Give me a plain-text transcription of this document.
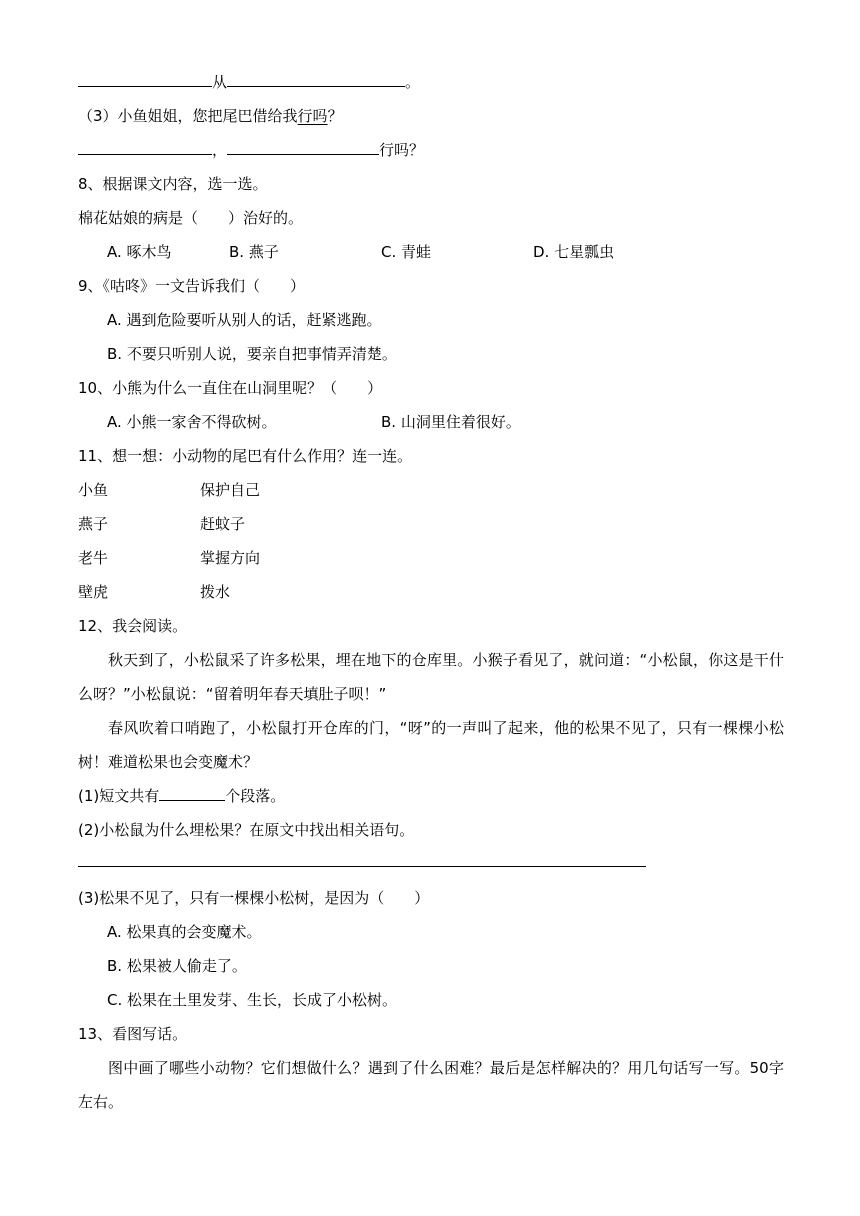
从	。
（3）小鱼姐姐，您把尾巴借给我行吗？
，	行吗？
8、根据课文内容，选一选。
棉花姑娘的病是（　　）治好的。
A. 啄木鸟	B. 燕子	C. 青蛙	D. 七星瓢虫
9、《咕咚》一文告诉我们（　　）
A. 遇到危险要听从别人的话，赶紧逃跑。
B. 不要只听别人说，要亲自把事情弄清楚。
10、小熊为什么一直住在山洞里呢？（　　）
A. 小熊一家舍不得砍树。	B. 山洞里住着很好。
11、想一想：小动物的尾巴有什么作用？连一连。
小鱼	保护自己
燕子	赶蚊子
老牛	掌握方向
壁虎	拨水
12、我会阅读。
秋天到了，小松鼠采了许多松果，埋在地下的仓库里。小猴子看见了，就问道：“小松鼠，你这是干什么呀？”小松鼠说：“留着明年春天填肚子呗！”
春风吹着口哨跑了，小松鼠打开仓库的门，“呀”的一声叫了起来，他的松果不见了，只有一棵棵小松树！难道松果也会变魔术？
(1)短文共有	个段落。
(2)小松鼠为什么埋松果？在原文中找出相关语句。
(3)松果不见了，只有一棵棵小松树，是因为（　　）
A. 松果真的会变魔术。
B. 松果被人偷走了。
C. 松果在土里发芽、生长，长成了小松树。
13、看图写话。
图中画了哪些小动物？它们想做什么？遇到了什么困难？最后是怎样解决的？用几句话写一写。50字左右。
